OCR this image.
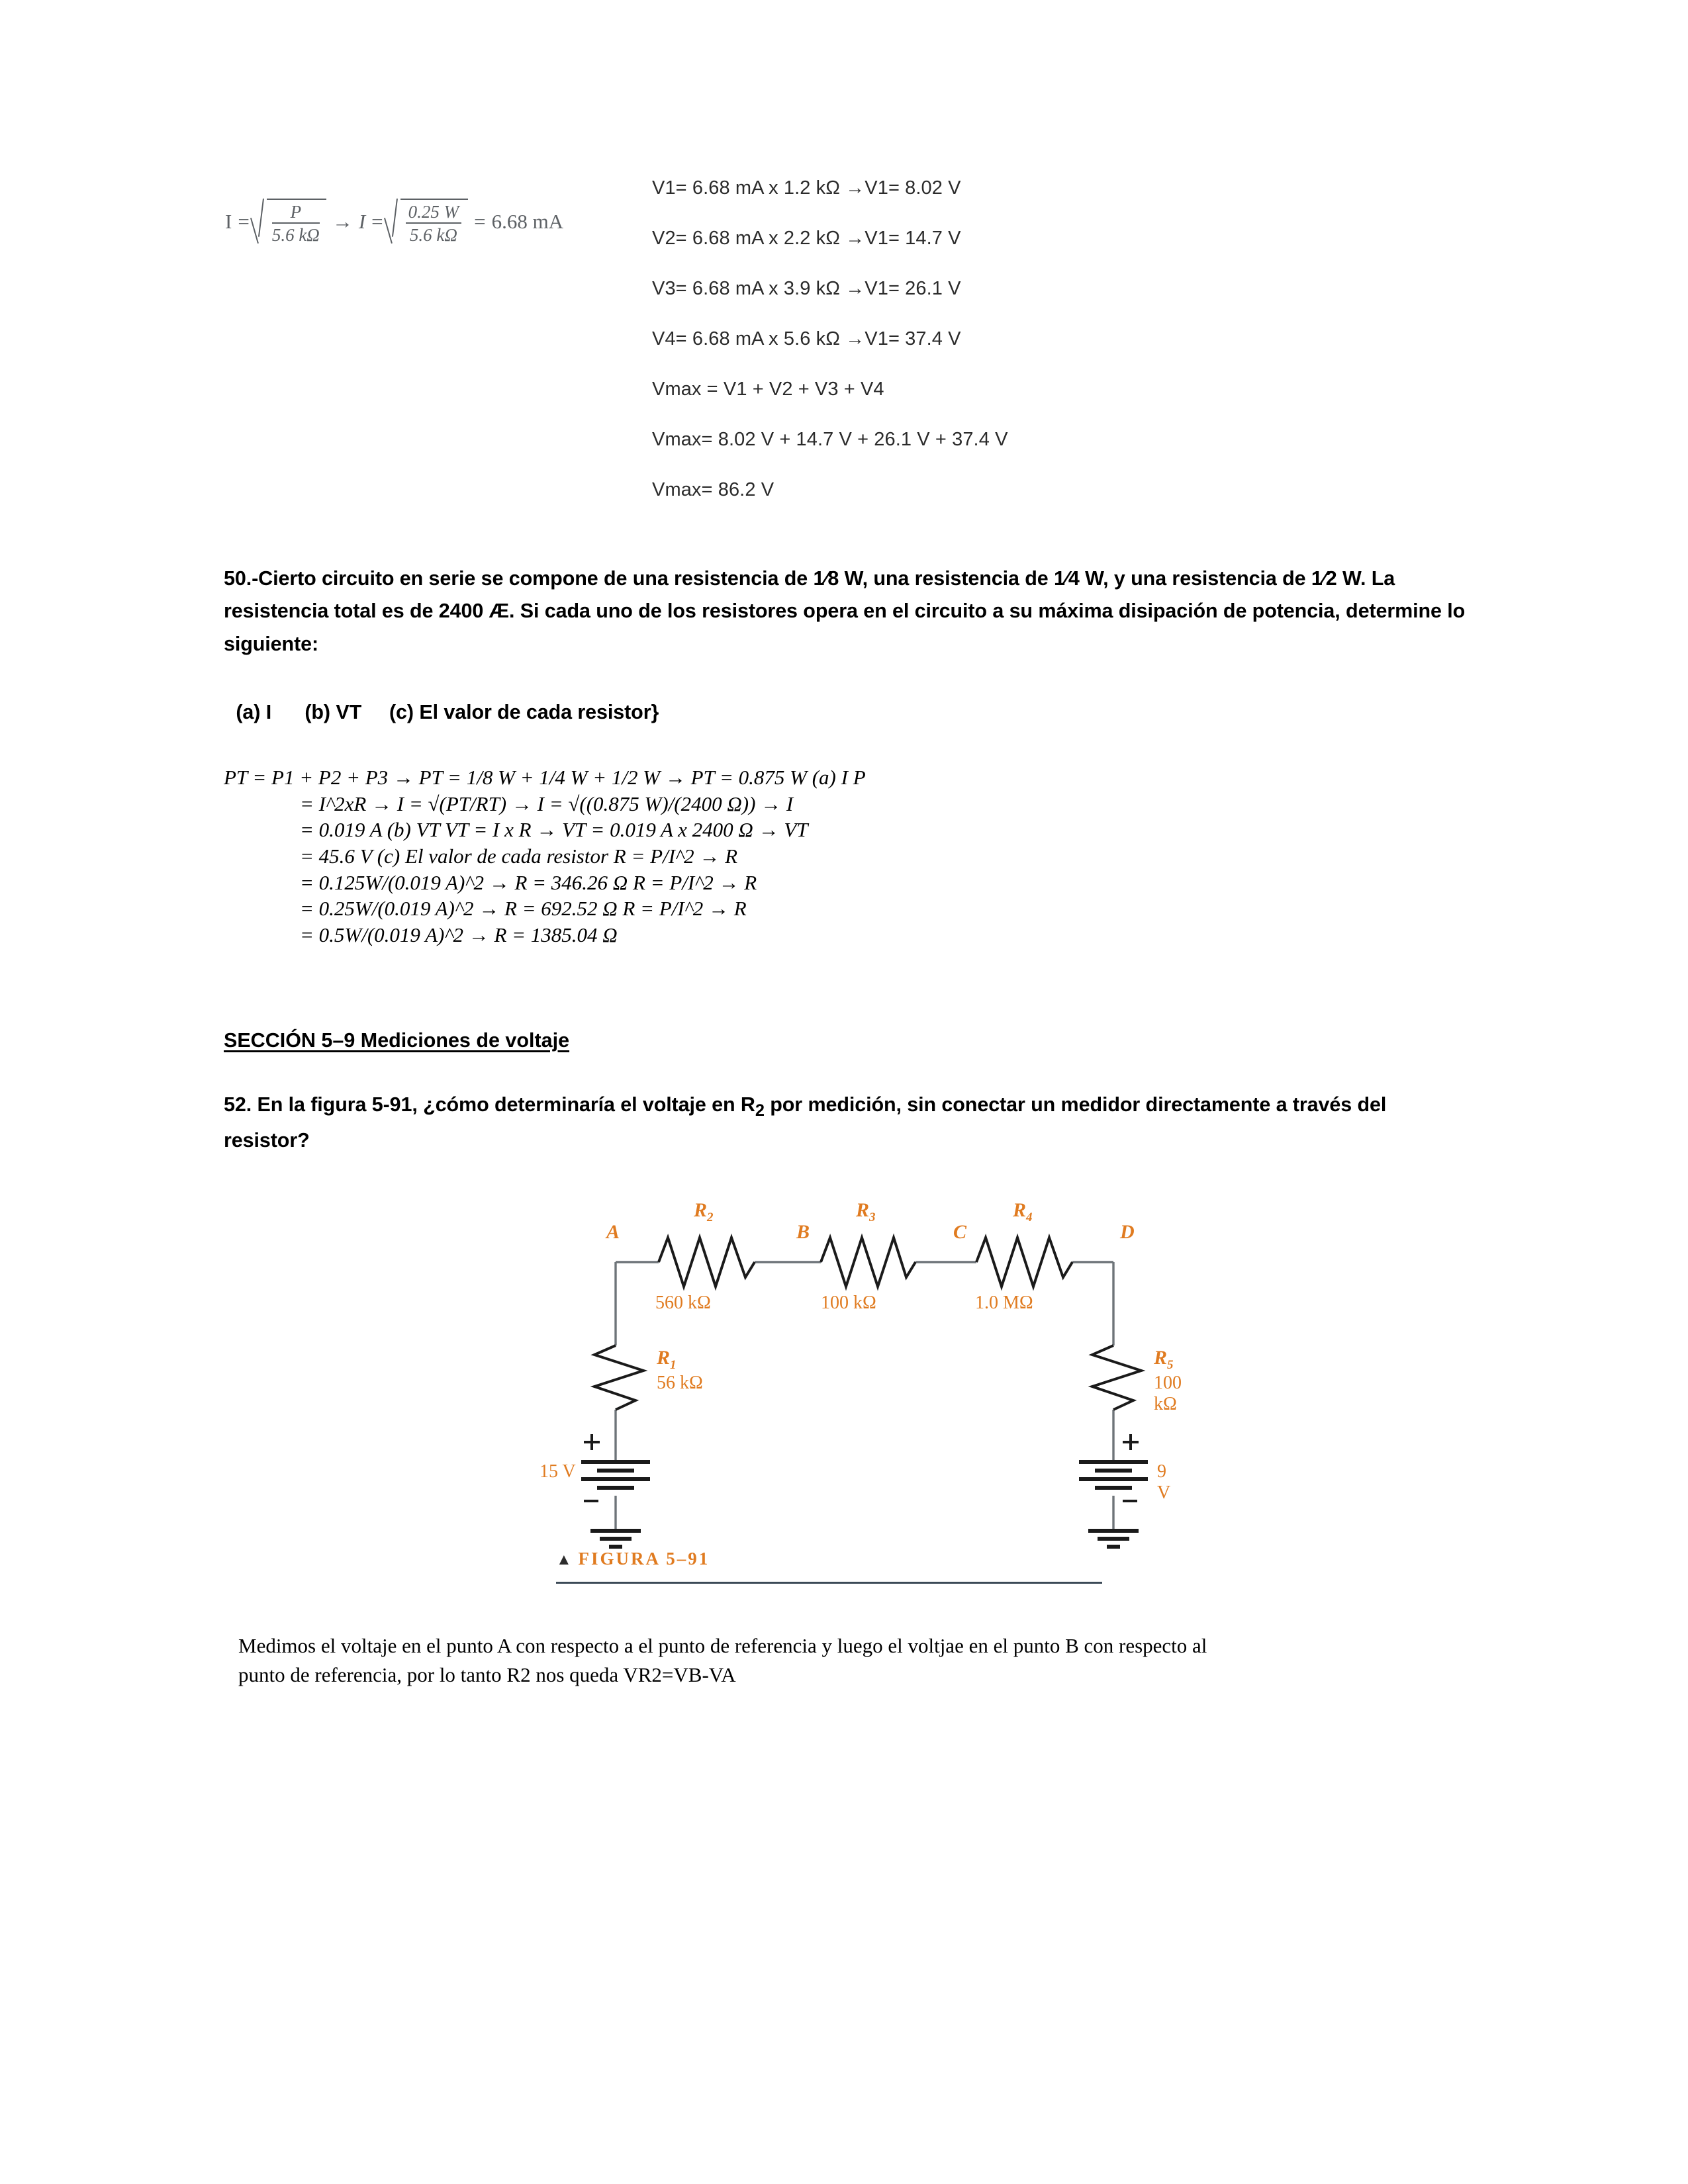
$I = \frac{P}{5.6 k\Omega} \to I = \frac{0.25 W}{5.6 k\Omega} = 6.68$ mA
V1= 6.68 mA x 1.2 kΩ →V1= 8.02 V
V2= 6.68 mA x 2.2 kΩ →V1= 14.7 V
V3= 6.68 mA x 3.9 kΩ →V1= 26.1 V
V4= 6.68 mA x 5.6 kΩ →V1= 37.4 V
Vmax = V1 + V2 + V3 + V4
Vmax= 8.02 V + 14.7 V + 26.1 V + 37.4 V
Vmax= 86.2 V
50.-Cierto circuito en serie se compone de una resistencia de 1⁄8 W, una resistencia de 1⁄4 W, y una resistencia de 1⁄2 W. La resistencia total es de 2400 Æ. Si cada uno de los resistores opera en el circuito a su máxima disipación de potencia, determine lo siguiente:
(a) I      (b) VT     (c) El valor de cada resistor}
PT = P1 + P2 + P3 → PT = 1/8 W + 1/4 W + 1/2 W → PT = 0.875 W (a) I P
= I^2xR → I = √(PT/RT) → I = √((0.875 W)/(2400 Ω)) → I
= 0.019 A (b) VT VT = I x R → VT = 0.019 A x 2400 Ω → VT
= 45.6 V (c) El valor de cada resistor R = P/I^2 → R
= 0.125W/(0.019 A)^2 → R = 346.26 Ω R = P/I^2 → R
= 0.25W/(0.019 A)^2 → R = 692.52 Ω R = P/I^2 → R
= 0.5W/(0.019 A)^2 → R = 1385.04 Ω
SECCIÓN 5–9 Mediciones de voltaje
52. En la figura 5-91, ¿cómo determinaría el voltaje en $R_2$ por medición, sin conectar un medidor directamente a través del resistor?
A	B	C	D
$R_2$
560 kΩ
$R_3$
100 kΩ
$R_4$
1.0 MΩ
$R_1$
56 kΩ
$R_5$
100 kΩ
15 V	9 V
▲ FIGURA 5–91
Medimos el voltaje en el punto A con respecto a el punto de referencia y luego el voltjae en el punto B con respecto al punto de referencia, por lo tanto R2 nos queda VR2=VB-VA
